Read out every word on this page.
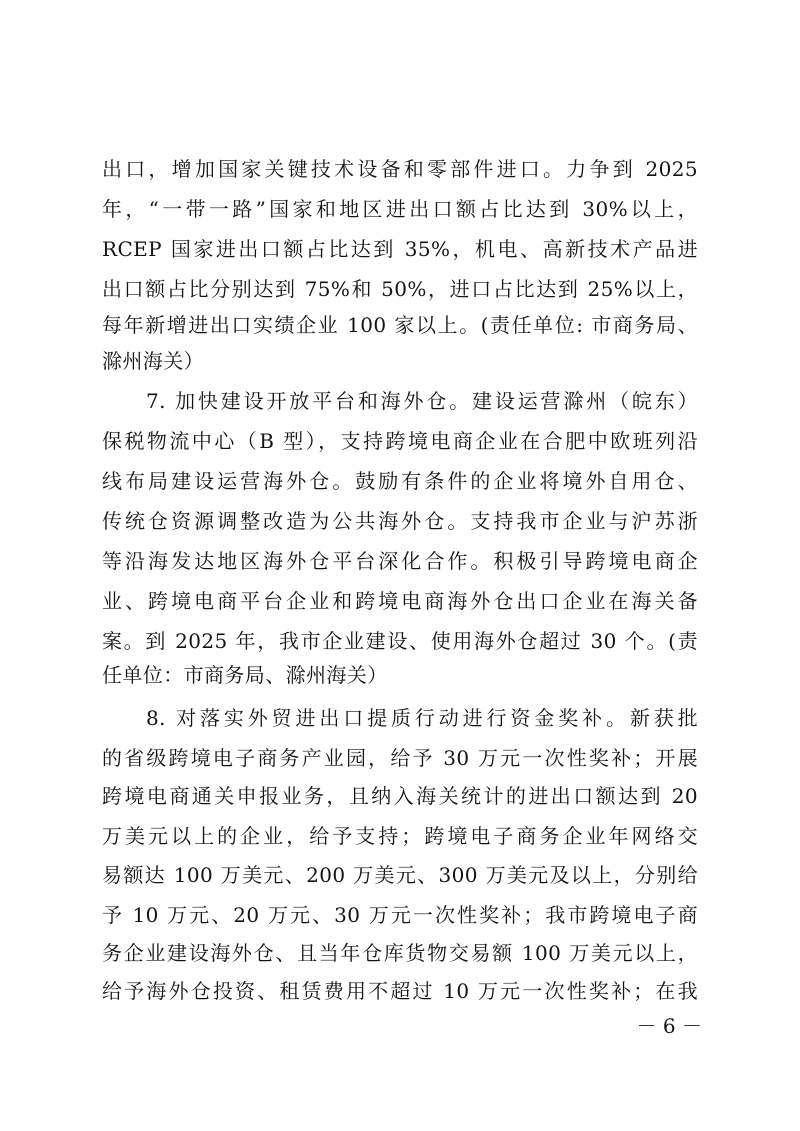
出口，增加国家关键技术设备和零部件进口。力争到 2025
年，“一带一路”国家和地区进出口额占比达到 30%以上，
RCEP 国家进出口额占比达到 35%，机电、高新技术产品进
出口额占比分别达到 75%和 50%，进口占比达到 25%以上，
每年新增进出口实绩企业 100 家以上。(责任单位: 市商务局、
滁州海关）
7. 加快建设开放平台和海外仓。建设运营滁州（皖东）
保税物流中心（B 型），支持跨境电商企业在合肥中欧班列沿
线布局建设运营海外仓。鼓励有条件的企业将境外自用仓、
传统仓资源调整改造为公共海外仓。支持我市企业与沪苏浙
等沿海发达地区海外仓平台深化合作。积极引导跨境电商企
业、跨境电商平台企业和跨境电商海外仓出口企业在海关备
案。到 2025 年，我市企业建设、使用海外仓超过 30 个。(责
任单位：市商务局、滁州海关）
8. 对落实外贸进出口提质行动进行资金奖补。新获批
的省级跨境电子商务产业园，给予 30 万元一次性奖补；开展
跨境电商通关申报业务，且纳入海关统计的进出口额达到 20
万美元以上的企业，给予支持；跨境电子商务企业年网络交
易额达 100 万美元、200 万美元、300 万美元及以上，分别给
予 10 万元、20 万元、30 万元一次性奖补；我市跨境电子商
务企业建设海外仓、且当年仓库货物交易额 100 万美元以上，
给予海外仓投资、租赁费用不超过 10 万元一次性奖补；在我
－ 6 －
